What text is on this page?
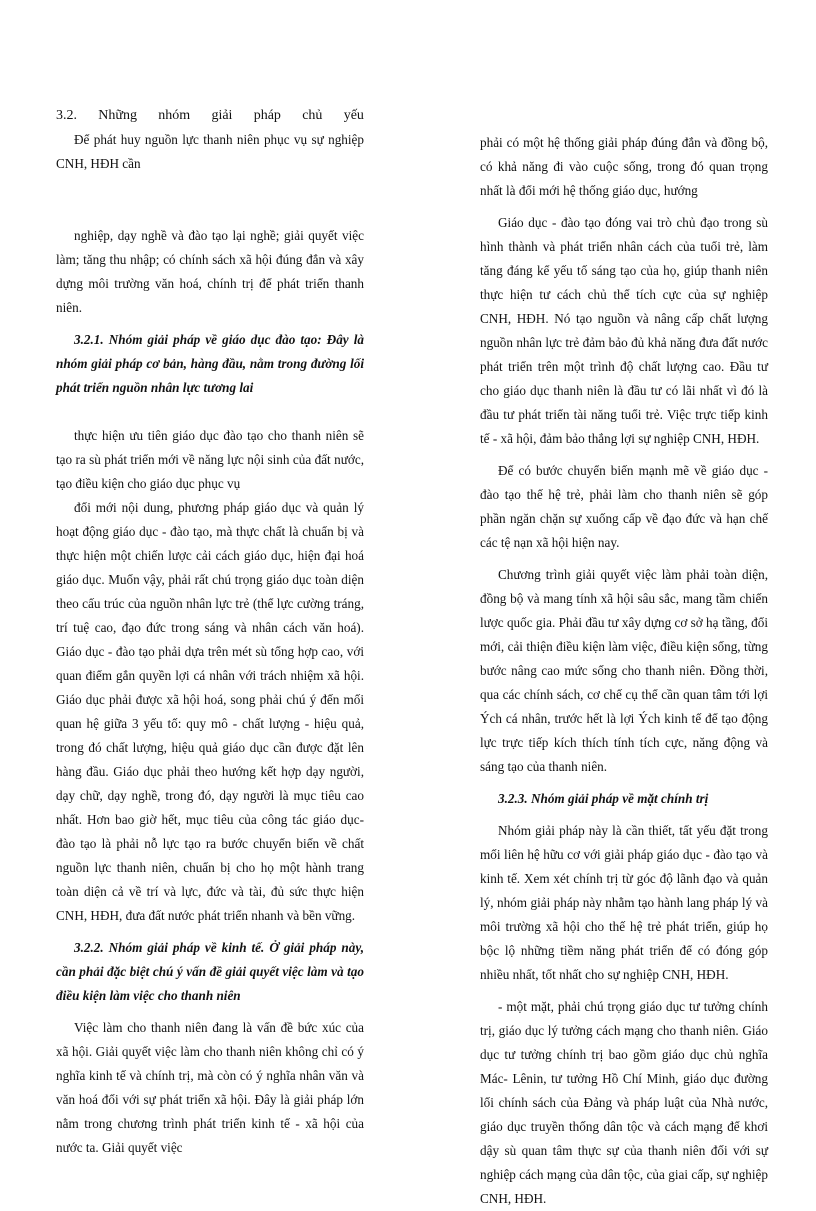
3.2. Những nhóm giải pháp chủ yếu

Để phát huy nguồn lực thanh niên phục vụ sự nghiệp CNH, HĐH cần

nghiệp, dạy nghề và đào tạo lại nghề; giải quyết việc làm; tăng thu nhập; có chính sách xã hội đúng đắn và xây dựng môi trường văn hoá, chính trị để phát triển thanh niên.

3.2.1. Nhóm giải pháp về giáo dục đào tạo: Đây là nhóm giải pháp cơ bản, hàng đầu, nằm trong đường lối phát triển nguồn nhân lực tương lai

thực hiện ưu tiên giáo dục đào tạo cho thanh niên sẽ tạo ra sù phát triển mới về năng lực nội sinh của đất nước, tạo điều kiện cho giáo dục phục vụ

đổi mới nội dung, phương pháp giáo dục và quản lý hoạt động giáo dục - đào tạo, mà thực chất là chuẩn bị và thực hiện một chiến lược cải cách giáo dục, hiện đại hoá giáo dục. Muốn vậy, phải rất chú trọng giáo dục toàn diện theo cấu trúc của nguồn nhân lực trẻ (thể lực cường tráng, trí tuệ cao, đạo đức trong sáng và nhân cách văn hoá). Giáo dục - đào tạo phải dựa trên mét sù tổng hợp cao, với quan điểm gắn quyền lợi cá nhân với trách nhiệm xã hội. Giáo dục phải được xã hội hoá, song phải chú ý đến mối quan hệ giữa 3 yếu tố: quy mô - chất lượng - hiệu quả, trong đó chất lượng, hiệu quả giáo dục cần được đặt lên hàng đầu. Giáo dục phải theo hướng kết hợp dạy người, dạy chữ, dạy nghề, trong đó, dạy người là mục tiêu cao nhất. Hơn bao giờ hết, mục tiêu của công tác giáo dục- đào tạo là phải nỗ lực tạo ra bước chuyển biến về chất nguồn lực thanh niên, chuẩn bị cho họ một hành trang toàn diện cả về trí và lực, đức và tài, đủ sức thực hiện CNH, HĐH, đưa đất nước phát triển nhanh và bền vững.

3.2.2. Nhóm giải pháp về kinh tế. Ở giải pháp này, cần phải đặc biệt chú ý vấn đề giải quyết việc làm và tạo điều kiện làm việc cho thanh niên

Việc làm cho thanh niên đang là vấn đề bức xúc của xã hội. Giải quyết việc làm cho thanh niên không chỉ có ý nghĩa kinh tế và chính trị, mà còn có ý nghĩa nhân văn và văn hoá đối với sự phát triển xã hội. Đây là giải pháp lớn nằm trong chương trình phát triển kinh tế - xã hội của nước ta. Giải quyết việc

phải có một hệ thống giải pháp đúng đắn và đồng bộ, có khả năng đi vào cuộc sống, trong đó quan trọng nhất là đổi mới hệ thống giáo dục, hướng

Giáo dục - đào tạo đóng vai trò chủ đạo trong sù hình thành và phát triển nhân cách của tuổi trẻ, làm tăng đáng kể yếu tố sáng tạo của họ, giúp thanh niên thực hiện tư cách chủ thể tích cực của sự nghiệp CNH, HĐH. Nó tạo nguồn và nâng cấp chất lượng nguồn nhân lực trẻ đảm bảo đủ khả năng đưa đất nước phát triển trên một trình độ chất lượng cao. Đầu tư cho giáo dục thanh niên là đầu tư có lãi nhất vì đó là đầu tư phát triển tài năng tuổi trẻ. Việc trực tiếp kinh tế - xã hội, đảm bảo thắng lợi sự nghiệp CNH, HĐH.

Để có bước chuyển biến mạnh mẽ về giáo dục - đào tạo thế hệ trẻ, phải làm cho thanh niên sẽ góp phần ngăn chặn sự xuống cấp về đạo đức và hạn chế các tệ nạn xã hội hiện nay.

Chương trình giải quyết việc làm phải toàn diện, đồng bộ và mang tính xã hội sâu sắc, mang tầm chiến lược quốc gia. Phải đầu tư xây dựng cơ sở hạ tầng, đổi mới, cải thiện điều kiện làm việc, điều kiện sống, từng bước nâng cao mức sống cho thanh niên. Đồng thời, qua các chính sách, cơ chế cụ thể cần quan tâm tới lợi Ých cá nhân, trước hết là lợi Ých kinh tế để tạo động lực trực tiếp kích thích tính tích cực, năng động và sáng tạo của thanh niên.

3.2.3. Nhóm giải pháp về mặt chính trị

Nhóm giải pháp này là cần thiết, tất yếu đặt trong mối liên hệ hữu cơ với giải pháp giáo dục - đào tạo và kinh tế. Xem xét chính trị từ góc độ lãnh đạo và quản lý, nhóm giải pháp này nhằm tạo hành lang pháp lý và môi trường xã hội cho thế hệ trẻ phát triển, giúp họ bộc lộ những tiềm năng phát triển để có đóng góp nhiều nhất, tốt nhất cho sự nghiệp CNH, HĐH.

- một mặt, phải chú trọng giáo dục tư tưởng chính trị, giáo dục lý tưởng cách mạng cho thanh niên. Giáo dục tư tưởng chính trị bao gồm giáo dục chủ nghĩa Mác- Lênin, tư tưởng Hồ Chí Minh, giáo dục đường lối chính sách của Đảng và pháp luật của Nhà nước, giáo dục truyền thống dân tộc và cách mạng để khơi dậy sù quan tâm thực sự của thanh niên đối với sự nghiệp cách mạng của dân tộc, của giai cấp, sự nghiệp CNH, HĐH.
